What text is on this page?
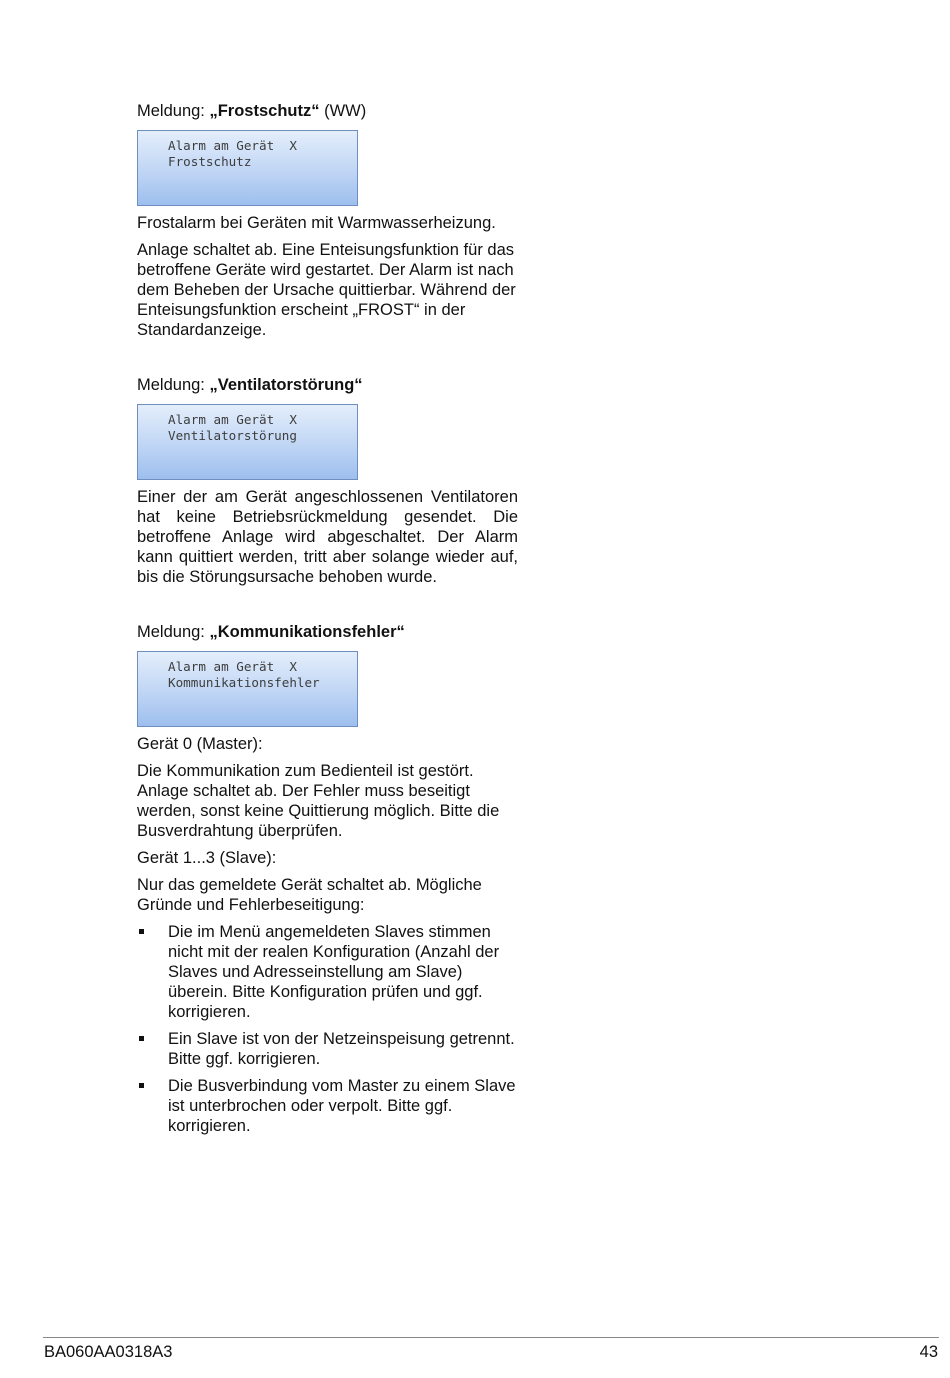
Meldung: „Frostschutz“ (WW)

Alarm am Gerät  X
Frostschutz

Frostalarm bei Geräten mit Warmwasserheizung.

Anlage schaltet ab. Eine Enteisungsfunktion für das betroffene Geräte wird gestartet. Der Alarm ist nach dem Beheben der Ursache quittierbar. Während der Enteisungsfunktion erscheint „FROST“ in der Standardanzeige.

Meldung: „Ventilatorstörung“

Alarm am Gerät  X
Ventilatorstörung

Einer der am Gerät angeschlossenen Ventilatoren hat keine Betriebsrückmeldung gesendet. Die betroffene Anlage wird abgeschaltet. Der Alarm kann quittiert werden, tritt aber solange wieder auf, bis die Störungsursache behoben wurde.

Meldung: „Kommunikationsfehler“

Alarm am Gerät  X
Kommunikationsfehler

Gerät 0 (Master):

Die Kommunikation zum Bedienteil ist gestört. Anlage schaltet ab. Der Fehler muss beseitigt werden, sonst keine Quittierung möglich. Bitte die Busverdrahtung überprüfen.

Gerät 1...3 (Slave):

Nur das gemeldete Gerät schaltet ab. Mögliche Gründe und Fehlerbeseitigung:

Die im Menü angemeldeten Slaves stimmen nicht mit der realen Konfiguration (Anzahl der Slaves und Adresseinstellung am Slave) überein. Bitte Konfiguration prüfen und ggf. korrigieren.
Ein Slave ist von der Netzeinspeisung getrennt. Bitte ggf. korrigieren.
Die Busverbindung vom Master zu einem Slave ist unterbrochen oder verpolt. Bitte ggf. korrigieren.
BA060AA0318A3	43
